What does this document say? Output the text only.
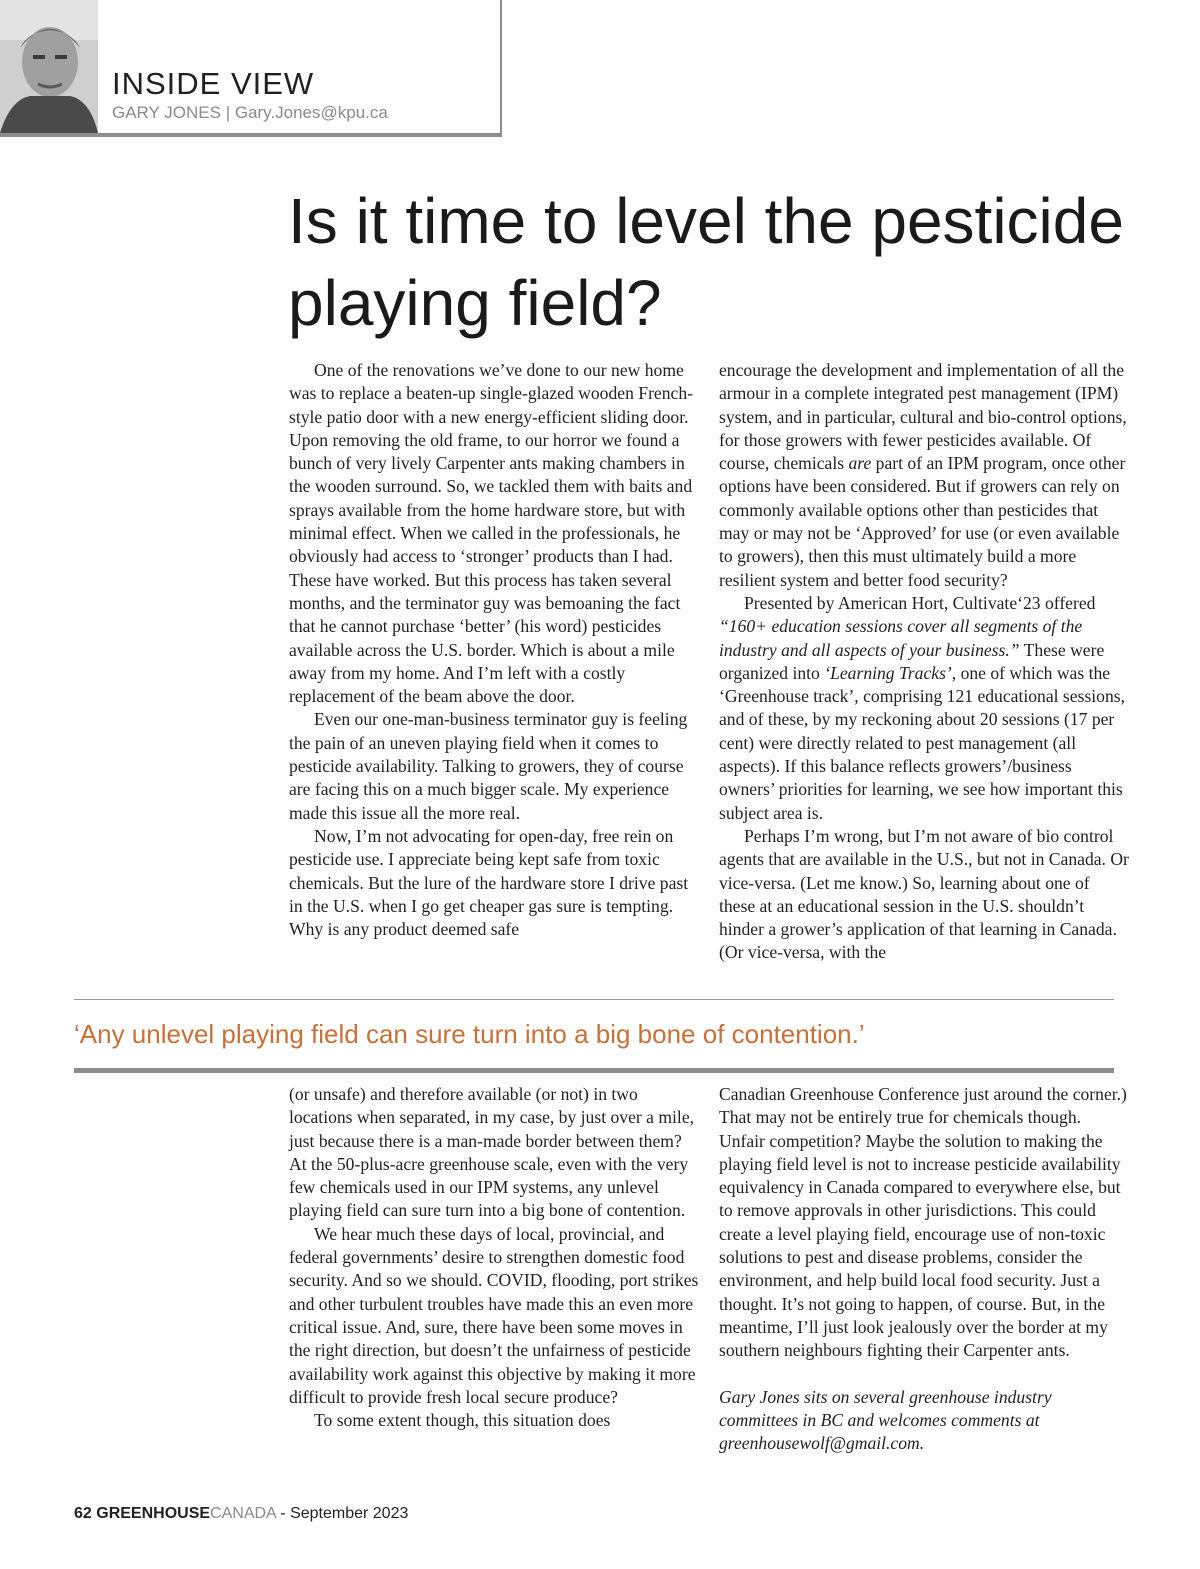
INSIDE VIEW
GARY JONES | Gary.Jones@kpu.ca
Is it time to level the pesticide playing field?

One of the renovations we’ve done to our new home was to replace a beaten-up single-glazed wooden French-style patio door with a new energy-efficient sliding door. Upon removing the old frame, to our horror we found a bunch of very lively Carpenter ants making chambers in the wooden surround. So, we tackled them with baits and sprays available from the home hardware store, but with minimal effect. When we called in the professionals, he obviously had access to ‘stronger’ products than I had. These have worked. But this process has taken several months, and the terminator guy was bemoaning the fact that he cannot purchase ‘better’ (his word) pesticides available across the U.S. border. Which is about a mile away from my home. And I’m left with a costly replacement of the beam above the door.

Even our one-man-business terminator guy is feeling the pain of an uneven playing field when it comes to pesticide availability. Talking to growers, they of course are facing this on a much bigger scale. My experience made this issue all the more real.

Now, I’m not advocating for open-day, free rein on pesticide use. I appreciate being kept safe from toxic chemicals. But the lure of the hardware store I drive past in the U.S. when I go get cheaper gas sure is tempting. Why is any product deemed safe

encourage the development and implementation of all the armour in a complete integrated pest management (IPM) system, and in particular, cultural and bio-control options, for those growers with fewer pesticides available. Of course, chemicals are part of an IPM program, once other options have been considered. But if growers can rely on commonly available options other than pesticides that may or may not be ‘Approved’ for use (or even available to growers), then this must ultimately build a more resilient system and better food security?

Presented by American Hort, Cultivate‘23 offered “160+ education sessions cover all segments of the industry and all aspects of your business.” These were organized into ‘Learning Tracks’, one of which was the ‘Greenhouse track’, comprising 121 educational sessions, and of these, by my reckoning about 20 sessions (17 per cent) were directly related to pest management (all aspects). If this balance reflects growers’/business owners’ priorities for learning, we see how important this subject area is.

Perhaps I’m wrong, but I’m not aware of bio control agents that are available in the U.S., but not in Canada. Or vice-versa. (Let me know.) So, learning about one of these at an educational session in the U.S. shouldn’t hinder a grower’s application of that learning in Canada. (Or vice-versa, with the

‘Any unlevel playing field can sure turn into a big bone of contention.’

(or unsafe) and therefore available (or not) in two locations when separated, in my case, by just over a mile, just because there is a man-made border between them? At the 50-plus-acre greenhouse scale, even with the very few chemicals used in our IPM systems, any unlevel playing field can sure turn into a big bone of contention.

We hear much these days of local, provincial, and federal governments’ desire to strengthen domestic food security. And so we should. COVID, flooding, port strikes and other turbulent troubles have made this an even more critical issue. And, sure, there have been some moves in the right direction, but doesn’t the unfairness of pesticide availability work against this objective by making it more difficult to provide fresh local secure produce?

To some extent though, this situation does

Canadian Greenhouse Conference just around the corner.) That may not be entirely true for chemicals though. Unfair competition? Maybe the solution to making the playing field level is not to increase pesticide availability equivalency in Canada compared to everywhere else, but to remove approvals in other jurisdictions. This could create a level playing field, encourage use of non-toxic solutions to pest and disease problems, consider the environment, and help build local food security. Just a thought. It’s not going to happen, of course. But, in the meantime, I’ll just look jealously over the border at my southern neighbours fighting their Carpenter ants.

Gary Jones sits on several greenhouse industry committees in BC and welcomes comments at greenhousewolf@gmail.com.

62 GREENHOUSECANADA - September 2023
